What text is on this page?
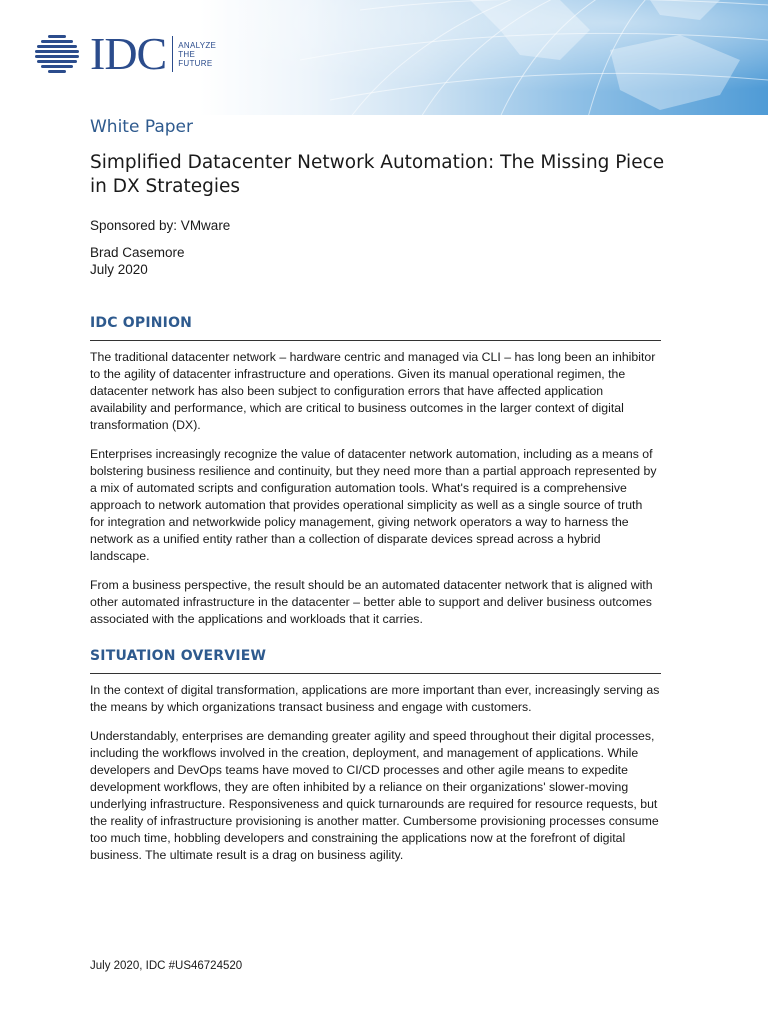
IDC ANALYZE
THE
FUTURE
White Paper
Simplified Datacenter Network Automation: The Missing Piece
in DX Strategies
Sponsored by: VMware
Brad Casemore
July 2020
IDC OPINION

The traditional datacenter network – hardware centric and managed via CLI – has long been an inhibitor to the agility of datacenter infrastructure and operations. Given its manual operational regimen, the datacenter network has also been subject to configuration errors that have affected application availability and performance, which are critical to business outcomes in the larger context of digital transformation (DX).

Enterprises increasingly recognize the value of datacenter network automation, including as a means of bolstering business resilience and continuity, but they need more than a partial approach represented by a mix of automated scripts and configuration automation tools. What's required is a comprehensive approach to network automation that provides operational simplicity as well as a single source of truth for integration and networkwide policy management, giving network operators a way to harness the network as a unified entity rather than a collection of disparate devices spread across a hybrid landscape.

From a business perspective, the result should be an automated datacenter network that is aligned with other automated infrastructure in the datacenter – better able to support and deliver business outcomes associated with the applications and workloads that it carries.

SITUATION OVERVIEW

In the context of digital transformation, applications are more important than ever, increasingly serving as the means by which organizations transact business and engage with customers.

Understandably, enterprises are demanding greater agility and speed throughout their digital processes, including the workflows involved in the creation, deployment, and management of applications. While developers and DevOps teams have moved to CI/CD processes and other agile means to expedite development workflows, they are often inhibited by a reliance on their organizations' slower-moving underlying infrastructure. Responsiveness and quick turnarounds are required for resource requests, but the reality of infrastructure provisioning is another matter. Cumbersome provisioning processes consume too much time, hobbling developers and constraining the applications now at the forefront of digital business. The ultimate result is a drag on business agility.

July 2020, IDC #US46724520
